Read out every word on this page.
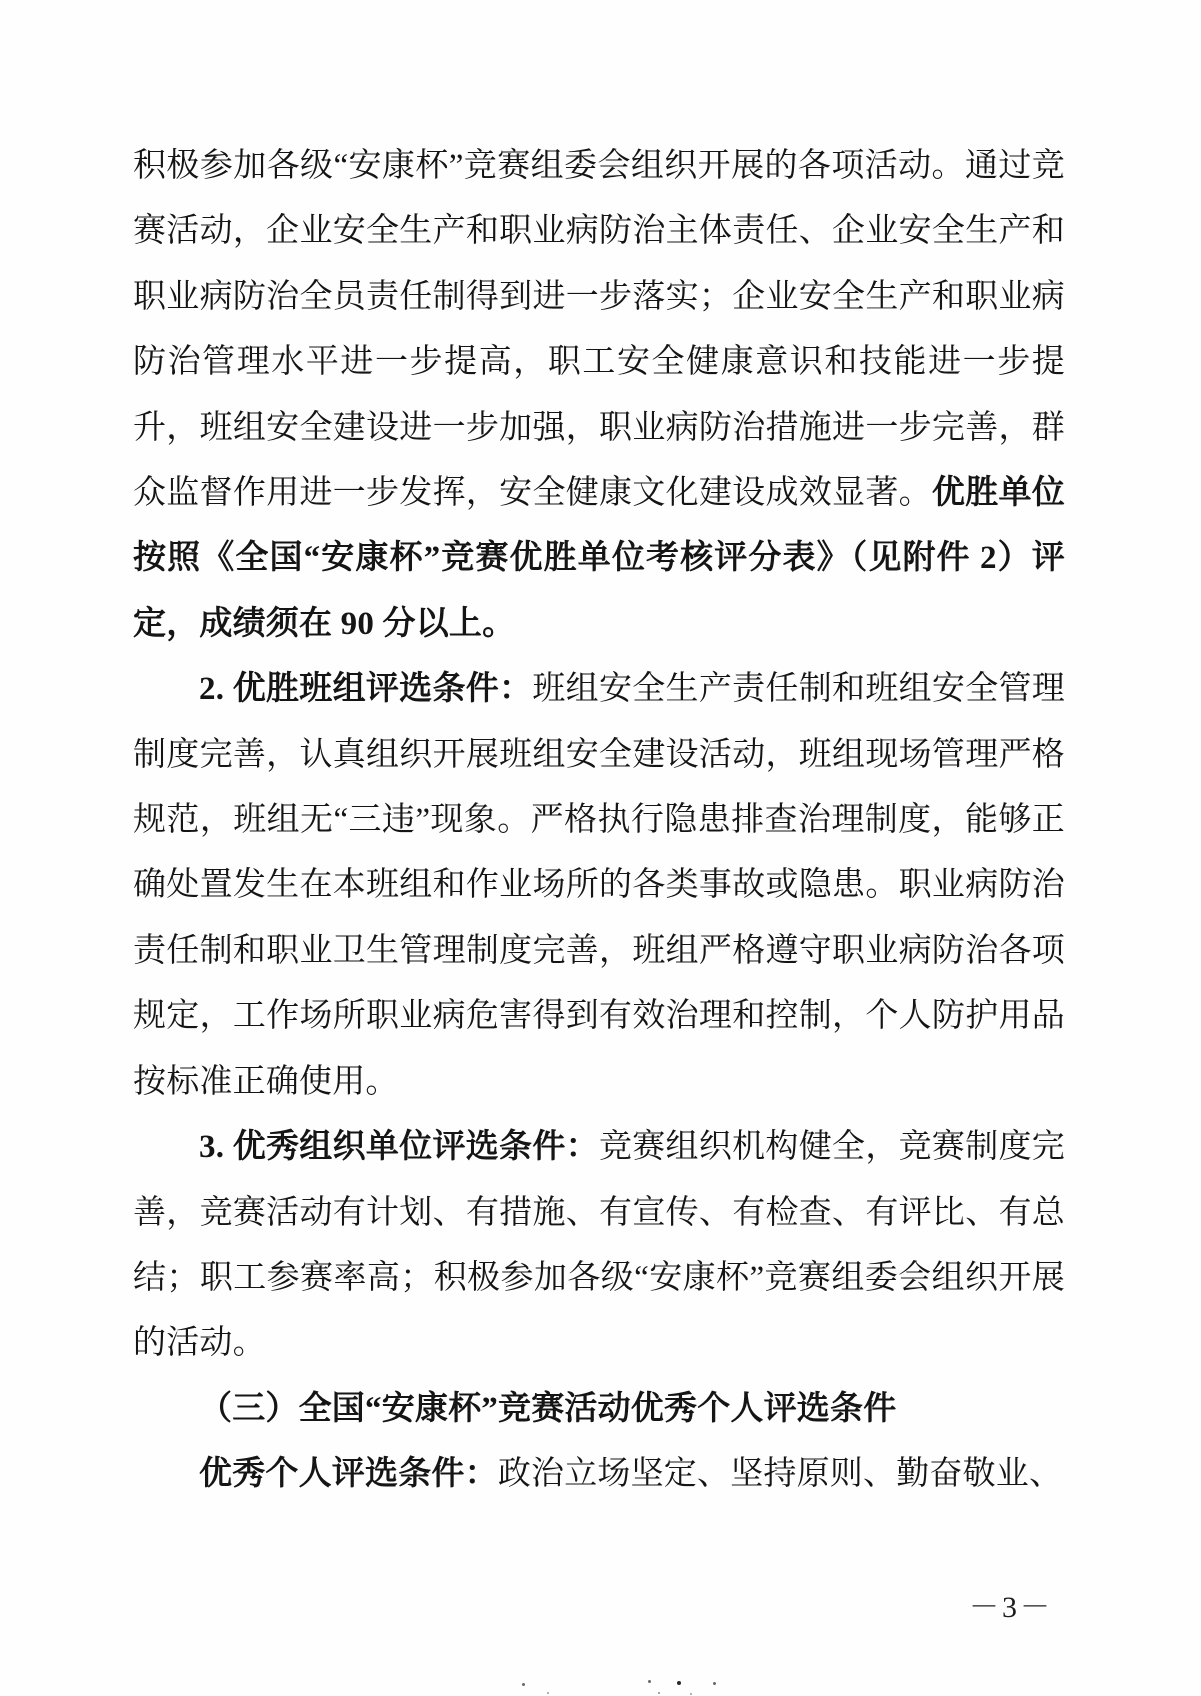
积极参加各级“安康杯”竞赛组委会组织开展的各项活动。通过竞赛活动，企业安全生产和职业病防治主体责任、企业安全生产和职业病防治全员责任制得到进一步落实；企业安全生产和职业病防治管理水平进一步提高，职工安全健康意识和技能进一步提升，班组安全建设进一步加强，职业病防治措施进一步完善，群众监督作用进一步发挥，安全健康文化建设成效显著。优胜单位按照《全国“安康杯”竞赛优胜单位考核评分表》（见附件 2）评定，成绩须在 90 分以上。

2. 优胜班组评选条件：班组安全生产责任制和班组安全管理制度完善，认真组织开展班组安全建设活动，班组现场管理严格规范，班组无“三违”现象。严格执行隐患排查治理制度，能够正确处置发生在本班组和作业场所的各类事故或隐患。职业病防治责任制和职业卫生管理制度完善，班组严格遵守职业病防治各项规定，工作场所职业病危害得到有效治理和控制，个人防护用品按标准正确使用。

3. 优秀组织单位评选条件：竞赛组织机构健全，竞赛制度完善，竞赛活动有计划、有措施、有宣传、有检查、有评比、有总结；职工参赛率高；积极参加各级“安康杯”竞赛组委会组织开展的活动。

（三）全国“安康杯”竞赛活动优秀个人评选条件

优秀个人评选条件：政治立场坚定、坚持原则、勤奋敬业、

－3－
